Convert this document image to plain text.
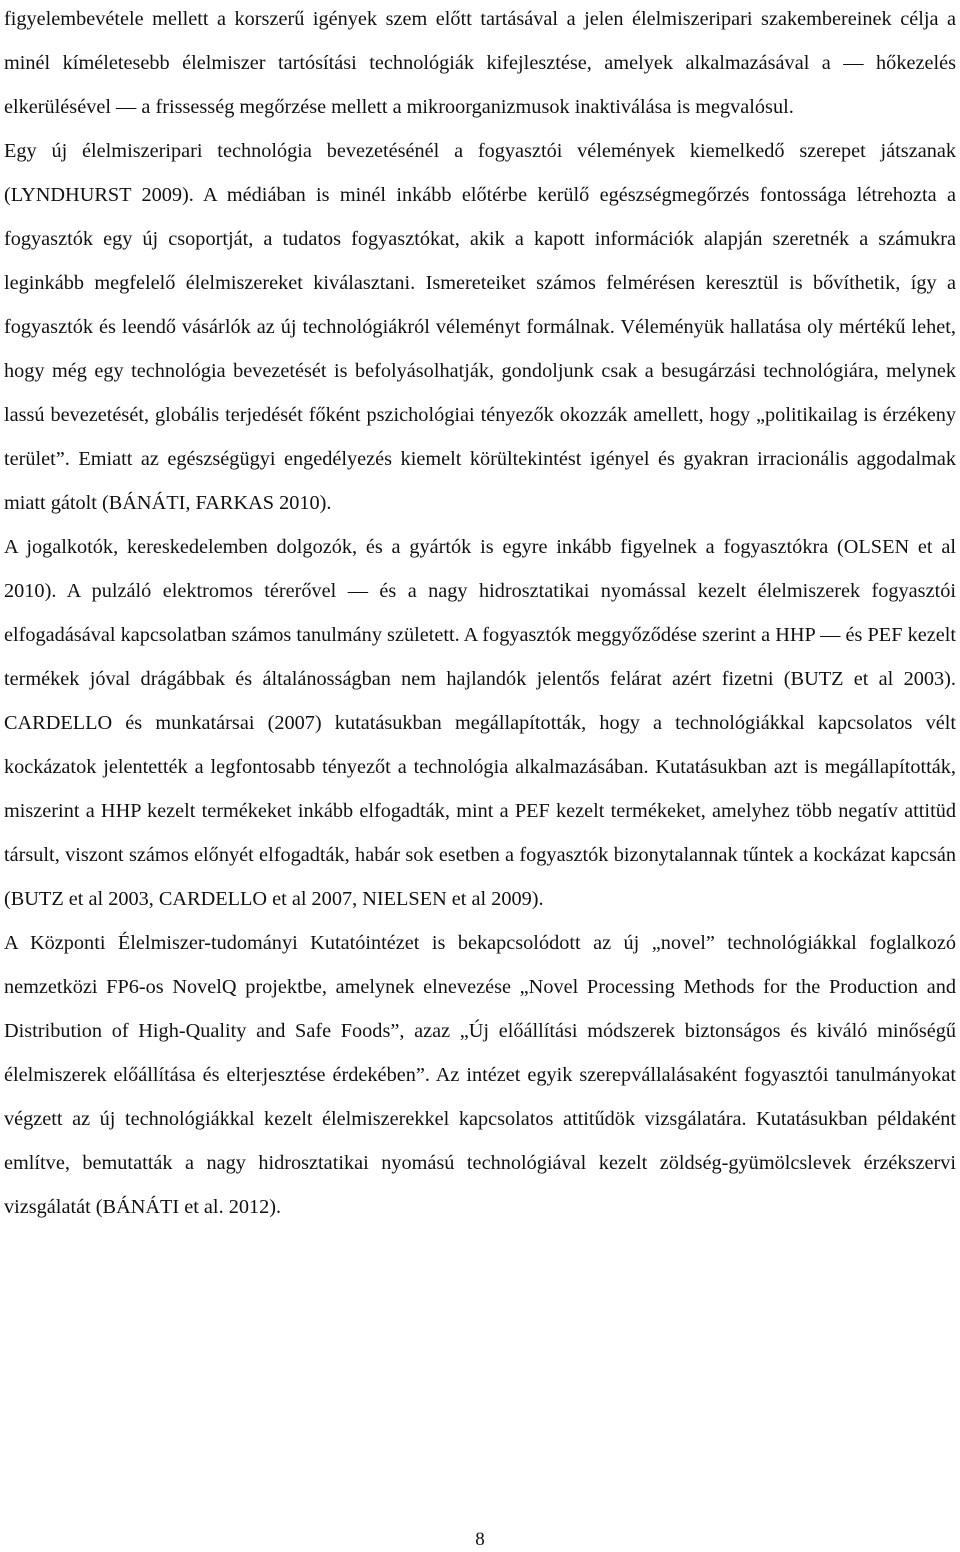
figyelembevétele mellett a korszerű igények szem előtt tartásával a jelen élelmiszeripari szakembereinek célja a minél kíméletesebb élelmiszer tartósítási technológiák kifejlesztése, amelyek alkalmazásával a — hőkezelés elkerülésével — a frissesség megőrzése mellett a mikroorganizmusok inaktiválása is megvalósul.

Egy új élelmiszeripari technológia bevezetésénél a fogyasztói vélemények kiemelkedő szerepet játszanak (LYNDHURST 2009). A médiában is minél inkább előtérbe kerülő egészségmegőrzés fontossága létrehozta a fogyasztók egy új csoportját, a tudatos fogyasztókat, akik a kapott információk alapján szeretnék a számukra leginkább megfelelő élelmiszereket kiválasztani. Ismereteiket számos felmérésen keresztül is bővíthetik, így a fogyasztók és leendő vásárlók az új technológiákról véleményt formálnak. Véleményük hallatása oly mértékű lehet, hogy még egy technológia bevezetését is befolyásolhatják, gondoljunk csak a besugárzási technológiára, melynek lassú bevezetését, globális terjedését főként pszichológiai tényezők okozzák amellett, hogy „politikailag is érzékeny terület”. Emiatt az egészségügyi engedélyezés kiemelt körültekintést igényel és gyakran irracionális aggodalmak miatt gátolt (BÁNÁTI, FARKAS 2010).

A jogalkotók, kereskedelemben dolgozók, és a gyártók is egyre inkább figyelnek a fogyasztókra (OLSEN et al 2010). A pulzáló elektromos térerővel — és a nagy hidrosztatikai nyomással kezelt élelmiszerek fogyasztói elfogadásával kapcsolatban számos tanulmány született. A fogyasztók meggyőződése szerint a HHP — és PEF kezelt termékek jóval drágábbak és általánosságban nem hajlandók jelentős felárat azért fizetni (BUTZ et al 2003). CARDELLO és munkatársai (2007) kutatásukban megállapították, hogy a technológiákkal kapcsolatos vélt kockázatok jelentették a legfontosabb tényezőt a technológia alkalmazásában. Kutatásukban azt is megállapították, miszerint a HHP kezelt termékeket inkább elfogadták, mint a PEF kezelt termékeket, amelyhez több negatív attitüd társult, viszont számos előnyét elfogadták, habár sok esetben a fogyasztók bizonytalannak tűntek a kockázat kapcsán (BUTZ et al 2003, CARDELLO et al 2007, NIELSEN et al 2009).

A Központi Élelmiszer-tudományi Kutatóintézet is bekapcsolódott az új „novel” technológiákkal foglalkozó nemzetközi FP6-os NovelQ projektbe, amelynek elnevezése „Novel Processing Methods for the Production and Distribution of High-Quality and Safe Foods”, azaz „Új előállítási módszerek biztonságos és kiváló minőségű élelmiszerek előállítása és elterjesztése érdekében”. Az intézet egyik szerepvállalásaként fogyasztói tanulmányokat végzett az új technológiákkal kezelt élelmiszerekkel kapcsolatos attitűdök vizsgálatára. Kutatásukban példaként említve, bemutatták a nagy hidrosztatikai nyomású technológiával kezelt zöldség-gyümölcslevek érzékszervi vizsgálatát (BÁNÁTI et al. 2012).

8
